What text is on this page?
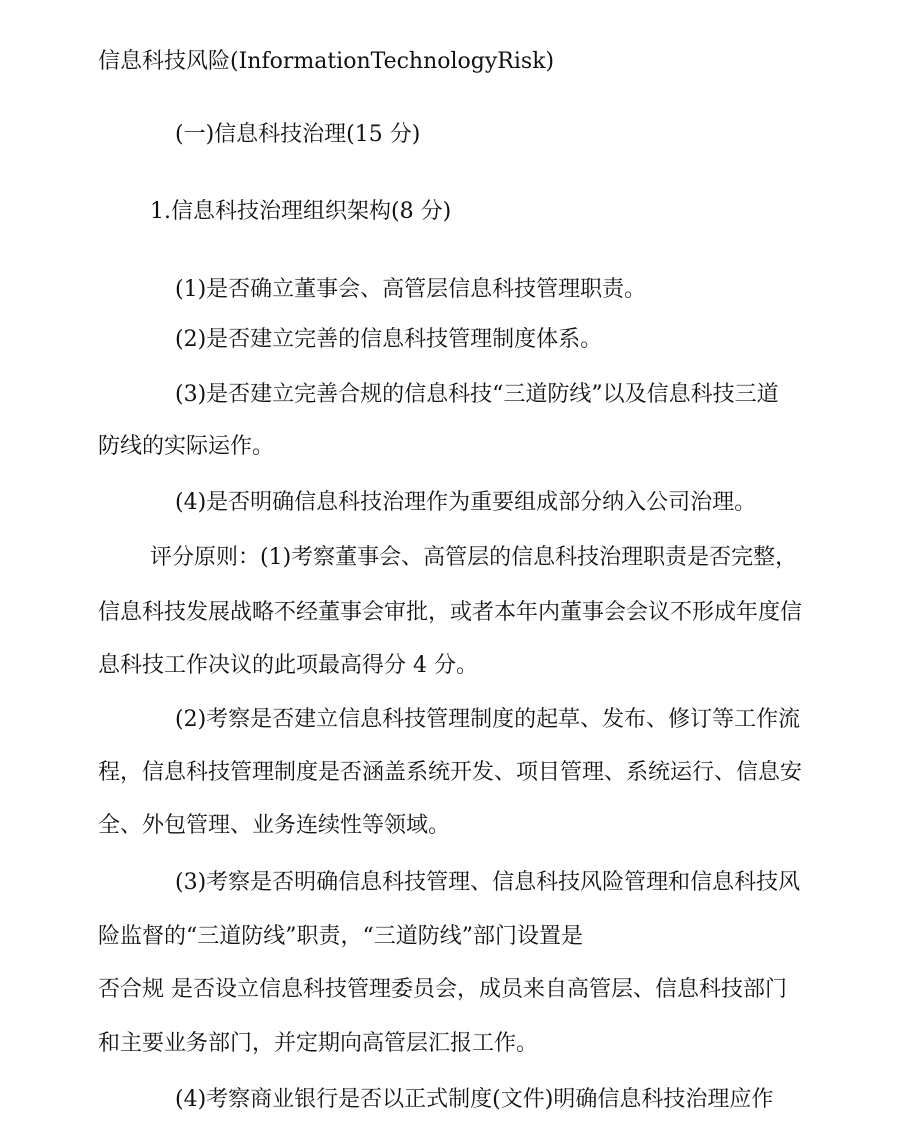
信息科技风险(InformationTechnologyRisk)
(一)信息科技治理(15 分)
1.信息科技治理组织架构(8 分)
(1)是否确立董事会、高管层信息科技管理职责。
(2)是否建立完善的信息科技管理制度体系。
(3)是否建立完善合规的信息科技“三道防线”以及信息科技三道
防线的实际运作。
(4)是否明确信息科技治理作为重要组成部分纳入公司治理。
评分原则：(1)考察董事会、高管层的信息科技治理职责是否完整，
信息科技发展战略不经董事会审批，或者本年内董事会会议不形成年度信
息科技工作决议的此项最高得分 4 分。
(2)考察是否建立信息科技管理制度的起草、发布、修订等工作流
程，信息科技管理制度是否涵盖系统开发、项目管理、系统运行、信息安
全、外包管理、业务连续性等领域。
(3)考察是否明确信息科技管理、信息科技风险管理和信息科技风
险监督的“三道防线”职责，“三道防线”部门设置是
否合规 是否设立信息科技管理委员会，成员来自高管层、信息科技部门
和主要业务部门，并定期向高管层汇报工作。
(4)考察商业银行是否以正式制度(文件)明确信息科技治理应作
